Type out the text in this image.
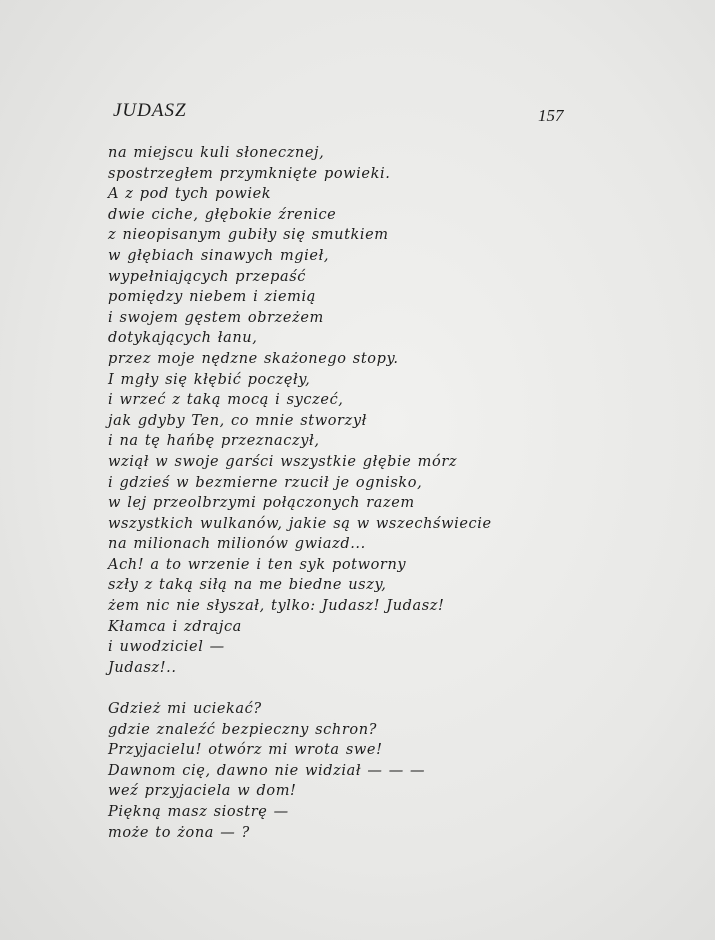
JUDASZ	157
na miejscu kuli słonecznej,
spostrzegłem przymknięte powieki.
A z pod tych powiek
dwie ciche, głębokie źrenice
z nieopisanym gubiły się smutkiem
w głębiach sinawych mgieł,
wypełniających przepaść
pomiędzy niebem i ziemią
i swojem gęstem obrzeżem
dotykających łanu,
przez moje nędzne skażonego stopy.
I mgły się kłębić poczęły,
i wrzeć z taką mocą i syczeć,
jak gdyby Ten, co mnie stworzył
i na tę hańbę przeznaczył,
wziął w swoje garści wszystkie głębie mórz
i gdzieś w bezmierne rzucił je ognisko,
w lej przeolbrzymi połączonych razem
wszystkich wulkanów, jakie są w wszechświecie
na milionach milionów gwiazd...
Ach! a to wrzenie i ten syk potworny
szły z taką siłą na me biedne uszy,
żem nic nie słyszał, tylko: Judasz! Judasz!
Kłamca i zdrajca
i uwodziciel —
Judasz!..
Gdzież mi uciekać?
gdzie znaleźć bezpieczny schron?
Przyjacielu! otwórz mi wrota swe!
Dawnom cię, dawno nie widział — — —
weź przyjaciela w dom!
Piękną masz siostrę —
może to żona — ?
